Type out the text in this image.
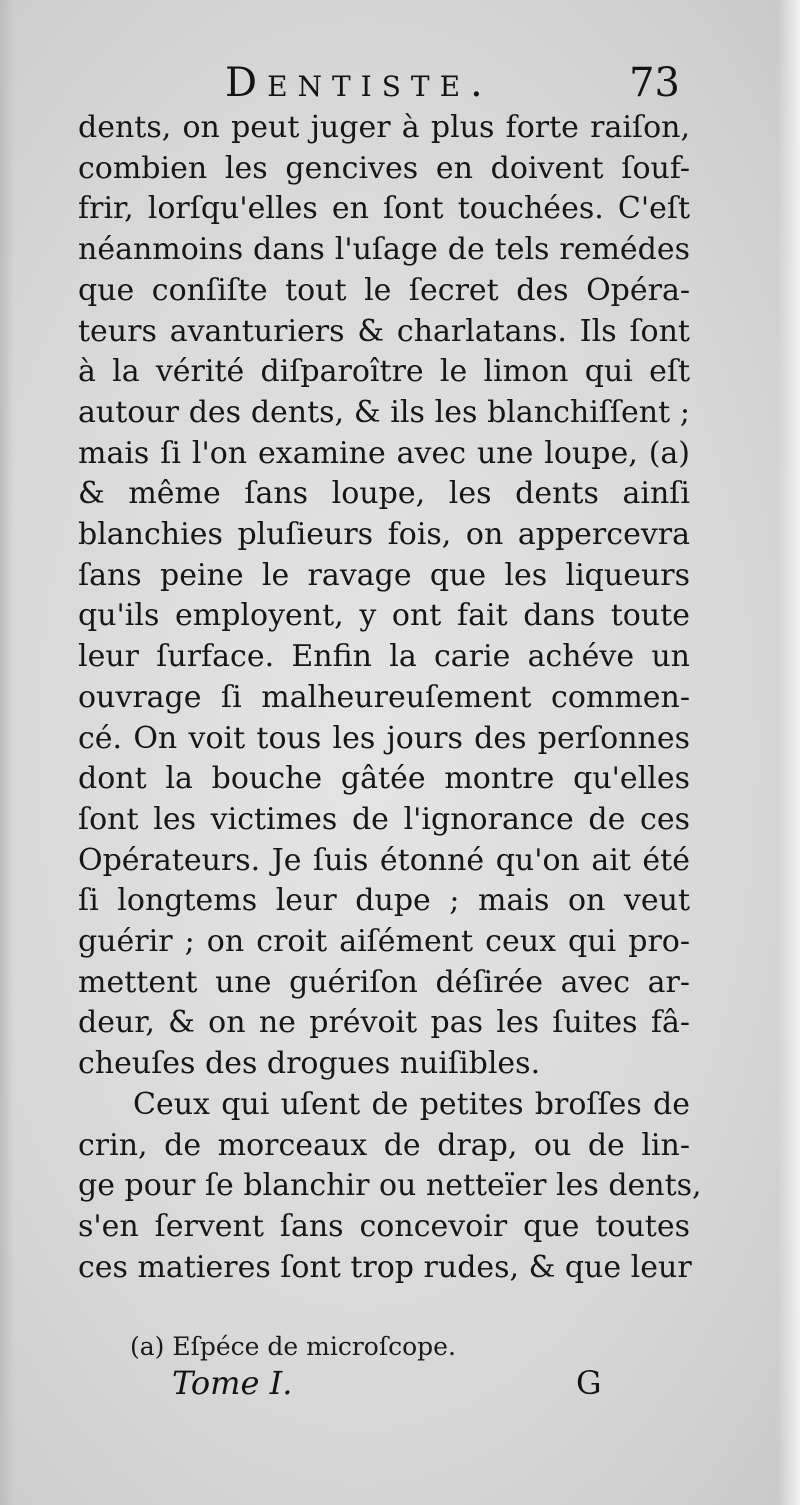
Dentiste.	73
dents, on peut juger à plus forte raiſon,
combien les gencives en doivent ſouf-
frir, lorſqu'elles en ſont touchées. C'eſt
néanmoins dans l'uſage de tels remédes
que conſiſte tout le ſecret des Opéra-
teurs avanturiers & charlatans. Ils ſont
à la vérité diſparoître le limon qui eſt
autour des dents, & ils les blanchiſſent ;
mais ſi l'on examine avec une loupe, (a)
& même ſans loupe, les dents ainſi
blanchies pluſieurs fois, on appercevra
ſans peine le ravage que les liqueurs
qu'ils employent, y ont fait dans toute
leur ſurface. Enfin la carie achéve un
ouvrage ſi malheureuſement commen-
cé. On voit tous les jours des perſonnes
dont la bouche gâtée montre qu'elles
ſont les victimes de l'ignorance de ces
Opérateurs. Je ſuis étonné qu'on ait été
ſi longtems leur dupe ; mais on veut
guérir ; on croit aiſément ceux qui pro-
mettent une guériſon déſirée avec ar-
deur, & on ne prévoit pas les ſuites fâ-
cheuſes des drogues nuiſibles.
Ceux qui uſent de petites broſſes de
crin, de morceaux de drap, ou de lin-
ge pour ſe blanchir ou netteïer les dents,
s'en ſervent ſans concevoir que toutes
ces matieres ſont trop rudes, & que leur
(a) Eſpéce de microſcope.
Tome I.	G
